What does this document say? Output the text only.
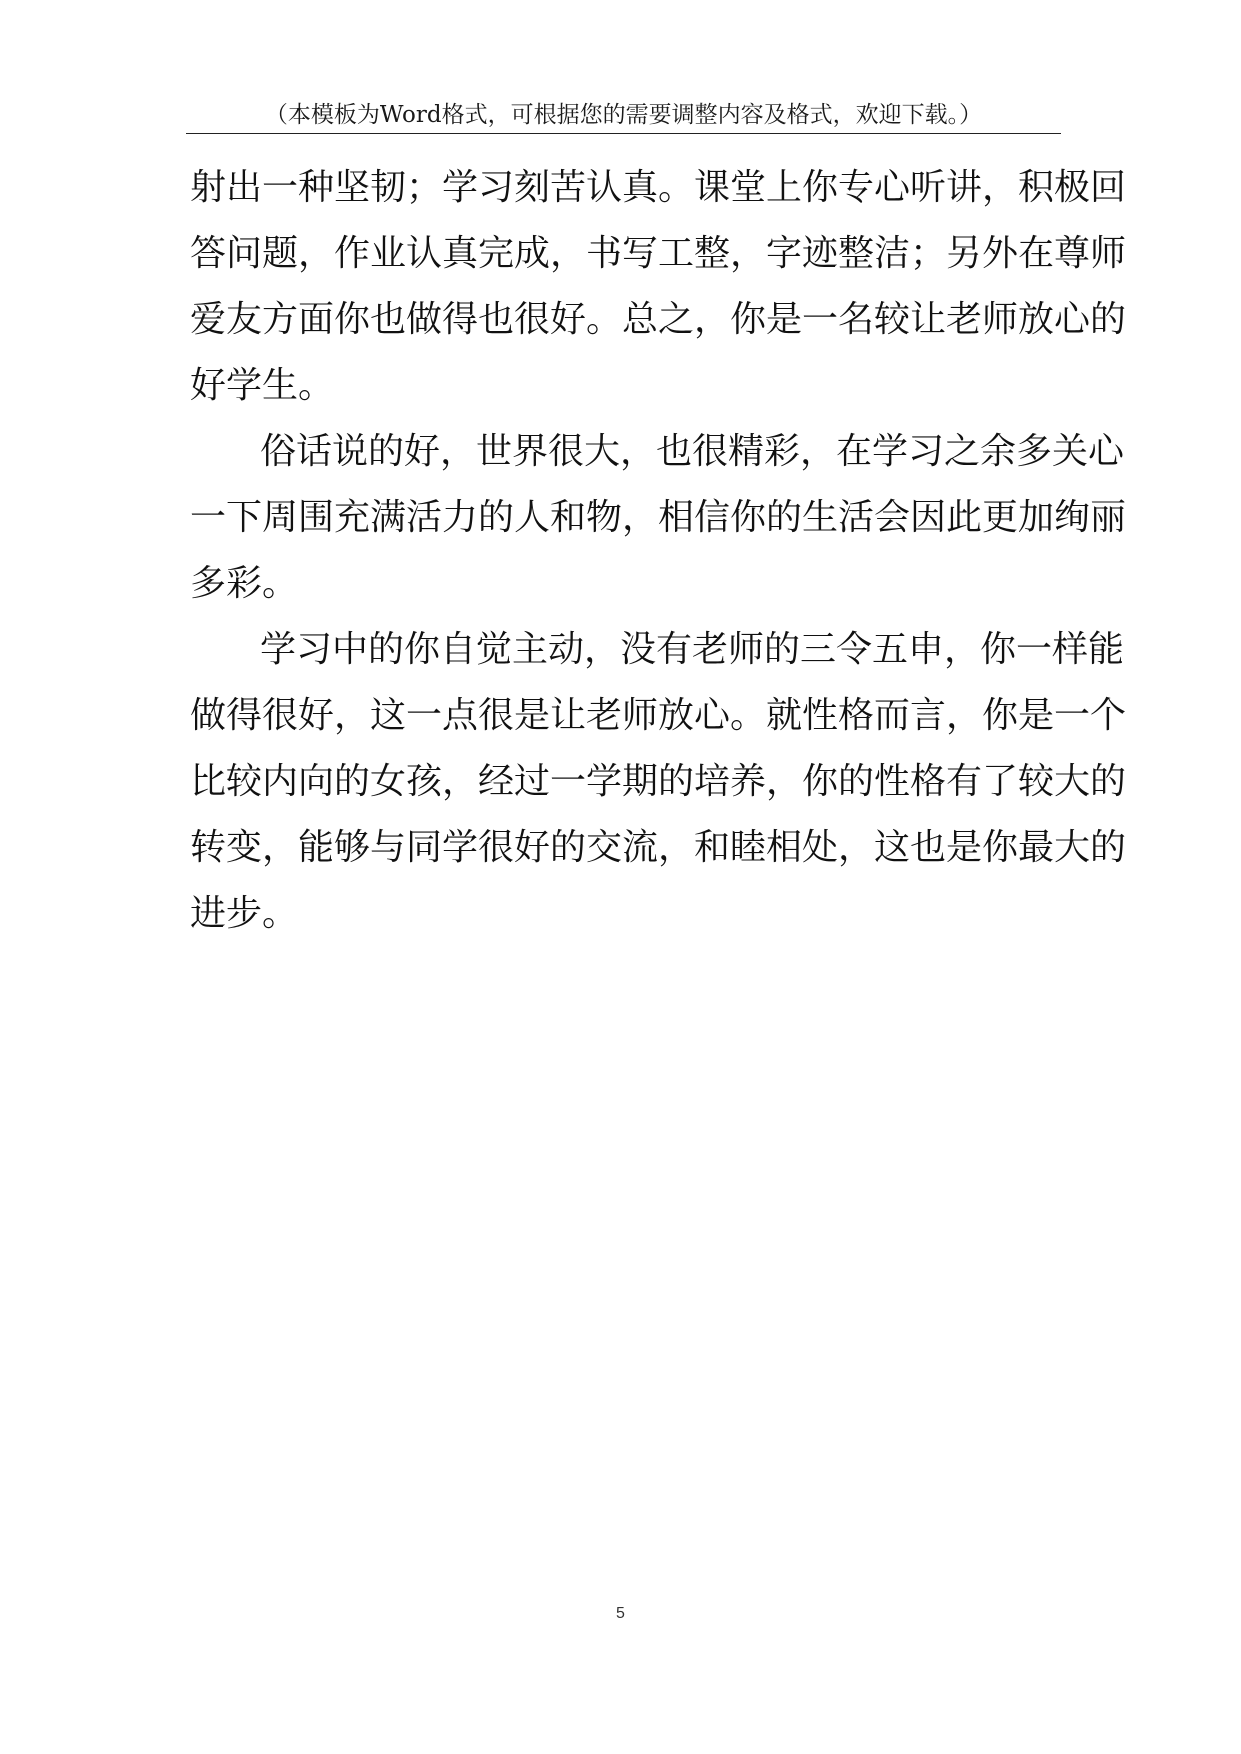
（本模板为Word格式，可根据您的需要调整内容及格式，欢迎下载。）
射出一种坚韧；学习刻苦认真。课堂上你专心听讲，积极回
答问题，作业认真完成，书写工整，字迹整洁；另外在尊师
爱友方面你也做得也很好。总之，你是一名较让老师放心的
好学生。
俗话说的好，世界很大，也很精彩，在学习之余多关心
一下周围充满活力的人和物，相信你的生活会因此更加绚丽
多彩。
学习中的你自觉主动，没有老师的三令五申，你一样能
做得很好，这一点很是让老师放心。就性格而言，你是一个
比较内向的女孩，经过一学期的培养，你的性格有了较大的
转变，能够与同学很好的交流，和睦相处，这也是你最大的
进步。
5
